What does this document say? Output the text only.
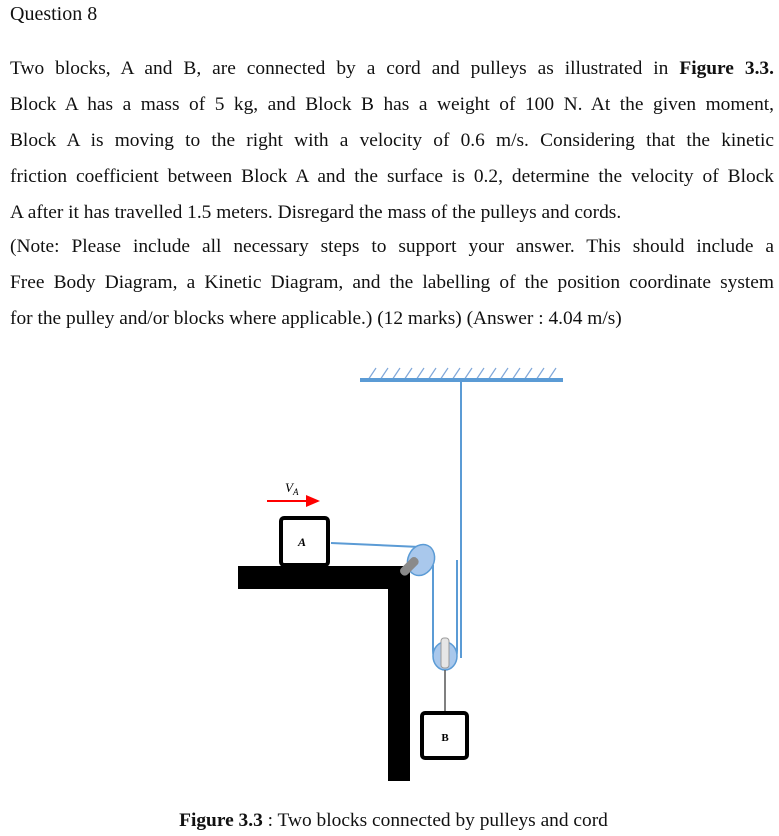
Question 8
Two blocks, A and B, are connected by a cord and pulleys as illustrated in Figure 3.3.
Block A has a mass of 5 kg, and Block B has a weight of 100 N. At the given moment,
Block A is moving to the right with a velocity of 0.6 m/s. Considering that the kinetic
friction coefficient between Block A and the surface is 0.2, determine the velocity of Block
A after it has travelled 1.5 meters. Disregard the mass of the pulleys and cords.
(Note: Please include all necessary steps to support your answer. This should include a
Free Body Diagram, a Kinetic Diagram, and the labelling of the position coordinate system
for the pulley and/or blocks where applicable.) (12 marks) (Answer : 4.04 m/s)
A
$V_A$
B
Figure 3.3 : Two blocks connected by pulleys and cord
